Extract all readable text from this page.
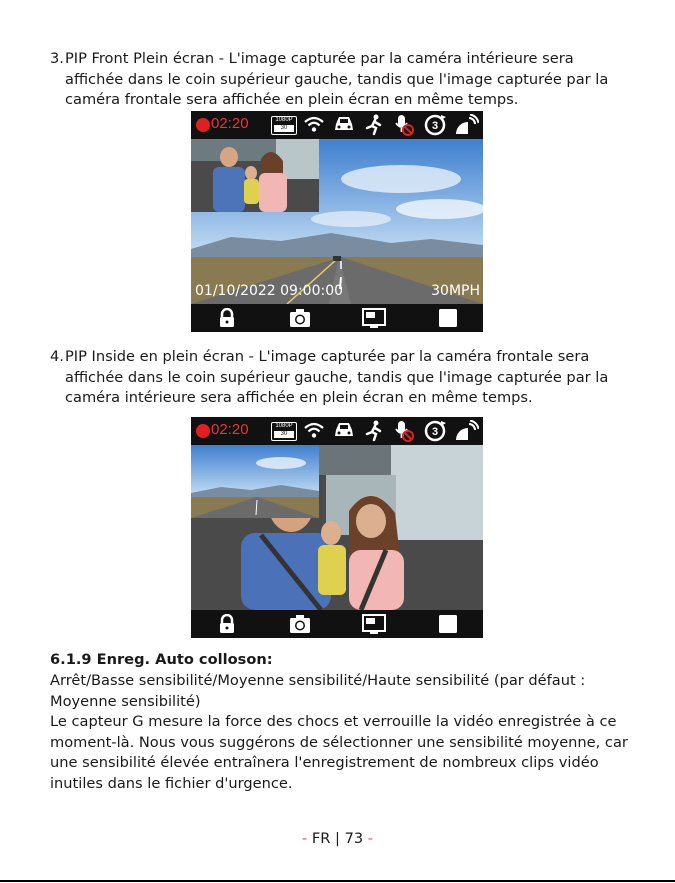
3. PIP Front Plein écran - L'image capturée par la caméra intérieure sera affichée dans le coin supérieur gauche, tandis que l'image capturée par la caméra frontale sera affichée en plein écran en même temps.
02:20	1080P
30	3
01/10/2022 09:00:00	30MPH
4. PIP Inside en plein écran - L'image capturée par la caméra frontale sera affichée dans le coin supérieur gauche, tandis que l'image capturée par la caméra intérieure sera affichée en plein écran en même temps.
02:20	1080P
30	3
6.1.9 Enreg. Auto colloson:
Arrêt/Basse sensibilité/Moyenne sensibilité/Haute sensibilité (par défaut : Moyenne sensibilité)
Le capteur G mesure la force des chocs et verrouille la vidéo enregistrée à ce moment-là. Nous vous suggérons de sélectionner une sensibilité moyenne, car une sensibilité élevée entraînera l'enregistrement de nombreux clips vidéo inutiles dans le fichier d'urgence.
- FR | 73 -
